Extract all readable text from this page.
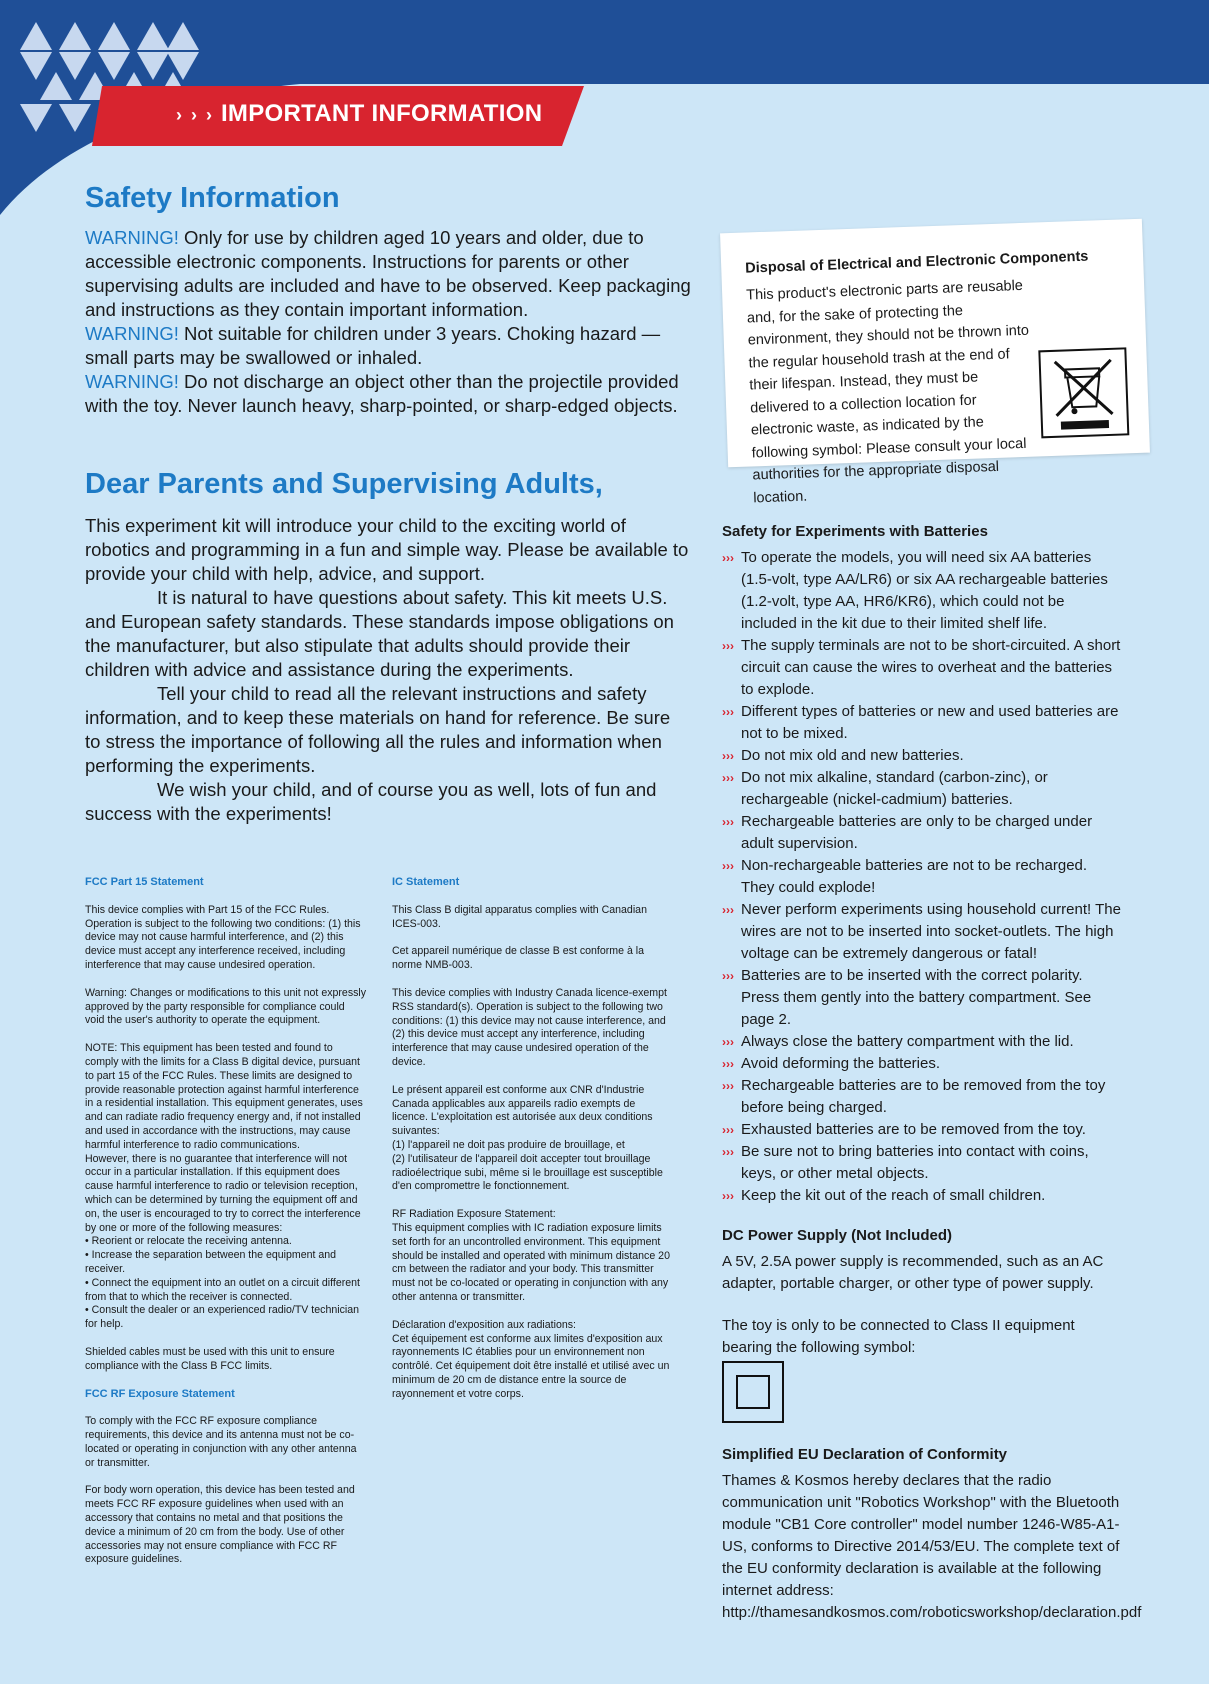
› › › IMPORTANT INFORMATION
Safety Information

WARNING! Only for use by children aged 10 years and older, due to accessible electronic components. Instructions for parents or other supervising adults are included and have to be observed. Keep packaging and instructions as they contain important information.
WARNING! Not suitable for children under 3 years. Choking hazard — small parts may be swallowed or inhaled.
WARNING! Do not discharge an object other than the projectile provided with the toy. Never launch heavy, sharp-pointed, or sharp-edged objects.

Dear Parents and Supervising Adults,

This experiment kit will introduce your child to the exciting world of robotics and programming in a fun and simple way. Please be available to provide your child with help, advice, and support.
It is natural to have questions about safety. This kit meets U.S. and European safety standards. These standards impose obligations on the manufacturer, but also stipulate that adults should provide their children with advice and assistance during the experiments.
Tell your child to read all the relevant instructions and safety information, and to keep these materials on hand for reference. Be sure to stress the importance of following all the rules and information when performing the experiments.
We wish your child, and of course you as well, lots of fun and success with the experiments!

FCC Part 15 Statement

This device complies with Part 15 of the FCC Rules. Operation is subject to the following two conditions: (1) this device may not cause harmful interference, and (2) this device must accept any interference received, including interference that may cause undesired operation.

Warning: Changes or modifications to this unit not expressly approved by the party responsible for compliance could void the user's authority to operate the equipment.

NOTE: This equipment has been tested and found to comply with the limits for a Class B digital device, pursuant to part 15 of the FCC Rules. These limits are designed to provide reasonable protection against harmful interference in a residential installation. This equipment generates, uses and can radiate radio frequency energy and, if not installed and used in accordance with the instructions, may cause harmful interference to radio communications.
However, there is no guarantee that interference will not occur in a particular installation. If this equipment does cause harmful interference to radio or television reception, which can be determined by turning the equipment off and on, the user is encouraged to try to correct the interference by one or more of the following measures:
• Reorient or relocate the receiving antenna.
• Increase the separation between the equipment and receiver.
• Connect the equipment into an outlet on a circuit different from that to which the receiver is connected.
• Consult the dealer or an experienced radio/TV technician for help.

Shielded cables must be used with this unit to ensure compliance with the Class B FCC limits.

FCC RF Exposure Statement

To comply with the FCC RF exposure compliance requirements, this device and its antenna must not be co-located or operating in conjunction with any other antenna or transmitter.

For body worn operation, this device has been tested and meets FCC RF exposure guidelines when used with an accessory that contains no metal and that positions the device a minimum of 20 cm from the body. Use of other accessories may not ensure compliance with FCC RF exposure guidelines.

IC Statement

This Class B digital apparatus complies with Canadian ICES-003.

Cet appareil numérique de classe B est conforme à la norme NMB-003.

This device complies with Industry Canada licence-exempt RSS standard(s). Operation is subject to the following two conditions: (1) this device may not cause interference, and (2) this device must accept any interference, including interference that may cause undesired operation of the device.

Le présent appareil est conforme aux CNR d'Industrie Canada applicables aux appareils radio exempts de licence. L'exploitation est autorisée aux deux conditions suivantes:
(1) l'appareil ne doit pas produire de brouillage, et
(2) l'utilisateur de l'appareil doit accepter tout brouillage radioélectrique subi, même si le brouillage est susceptible d'en compromettre le fonctionnement.

RF Radiation Exposure Statement:
This equipment complies with IC radiation exposure limits set forth for an uncontrolled environment. This equipment should be installed and operated with minimum distance 20 cm between the radiator and your body. This transmitter must not be co-located or operating in conjunction with any other antenna or transmitter.

Déclaration d'exposition aux radiations:
Cet équipement est conforme aux limites d'exposition aux rayonnements IC établies pour un environnement non contrôlé. Cet équipement doit être installé et utilisé avec un minimum de 20 cm de distance entre la source de rayonnement et votre corps.

Disposal of Electrical and Electronic Components
This product's electronic parts are reusable and, for the sake of protecting the environment, they should not be thrown into the regular household trash at the end of their lifespan. Instead, they must be delivered to a collection location for electronic waste, as indicated by the following symbol: Please consult your local authorities for the appropriate disposal location.
Safety for Experiments with Batteries
››› To operate the models, you will need six AA batteries (1.5-volt, type AA/LR6) or six AA rechargeable batteries (1.2-volt, type AA, HR6/KR6), which could not be included in the kit due to their limited shelf life.
››› The supply terminals are not to be short-circuited. A short circuit can cause the wires to overheat and the batteries to explode.
››› Different types of batteries or new and used batteries are not to be mixed.
››› Do not mix old and new batteries.
››› Do not mix alkaline, standard (carbon-zinc), or rechargeable (nickel-cadmium) batteries.
››› Rechargeable batteries are only to be charged under adult supervision.
››› Non-rechargeable batteries are not to be recharged. They could explode!
››› Never perform experiments using household current! The wires are not to be inserted into socket-outlets. The high voltage can be extremely dangerous or fatal!
››› Batteries are to be inserted with the correct polarity. Press them gently into the battery compartment. See page 2.
››› Always close the battery compartment with the lid.
››› Avoid deforming the batteries.
››› Rechargeable batteries are to be removed from the toy before being charged.
››› Exhausted batteries are to be removed from the toy.
››› Be sure not to bring batteries into contact with coins, keys, or other metal objects.
››› Keep the kit out of the reach of small children.
DC Power Supply (Not Included)
A 5V, 2.5A power supply is recommended, such as an AC adapter, portable charger, or other type of power supply.
The toy is only to be connected to Class II equipment bearing the following symbol:
Simplified EU Declaration of Conformity
Thames & Kosmos hereby declares that the radio communication unit "Robotics Workshop" with the Bluetooth module "CB1 Core controller" model number 1246-W85-A1-US, conforms to Directive 2014/53/EU. The complete text of the EU conformity declaration is available at the following internet address: http://thamesandkosmos.com/roboticsworkshop/declaration.pdf
